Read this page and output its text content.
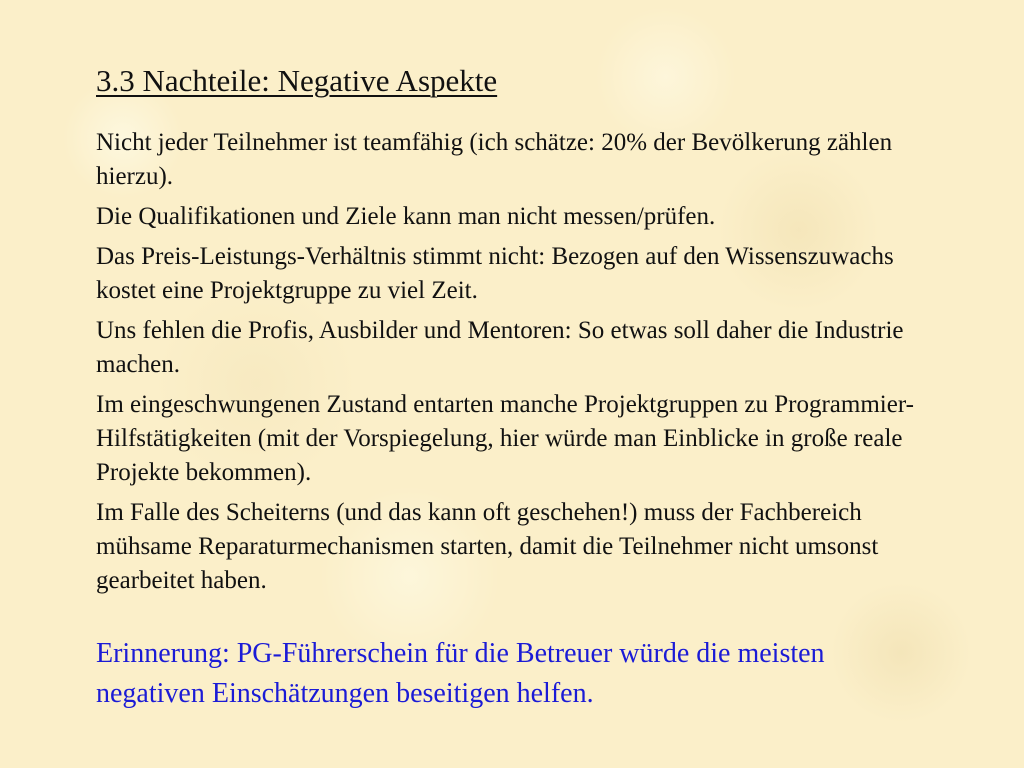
3.3 Nachteile: Negative Aspekte
Nicht jeder Teilnehmer ist teamfähig (ich schätze: 20% der Bevölkerung zählen hierzu).
Die Qualifikationen und Ziele kann man nicht messen/prüfen.
Das Preis-Leistungs-Verhältnis stimmt nicht: Bezogen auf den Wissenszuwachs kostet eine Projektgruppe zu viel Zeit.
Uns fehlen die Profis, Ausbilder und Mentoren: So etwas soll daher die Industrie machen.
Im eingeschwungenen Zustand entarten manche Projektgruppen zu Programmier-Hilfstätigkeiten (mit der Vorspiegelung, hier würde man Einblicke in große reale Projekte bekommen).
Im Falle des Scheiterns (und das kann oft geschehen!) muss der Fachbereich mühsame Reparaturmechanismen starten, damit die Teilnehmer nicht umsonst gearbeitet haben.

Erinnerung: PG-Führerschein für die Betreuer würde die meisten negativen Einschätzungen beseitigen helfen.
